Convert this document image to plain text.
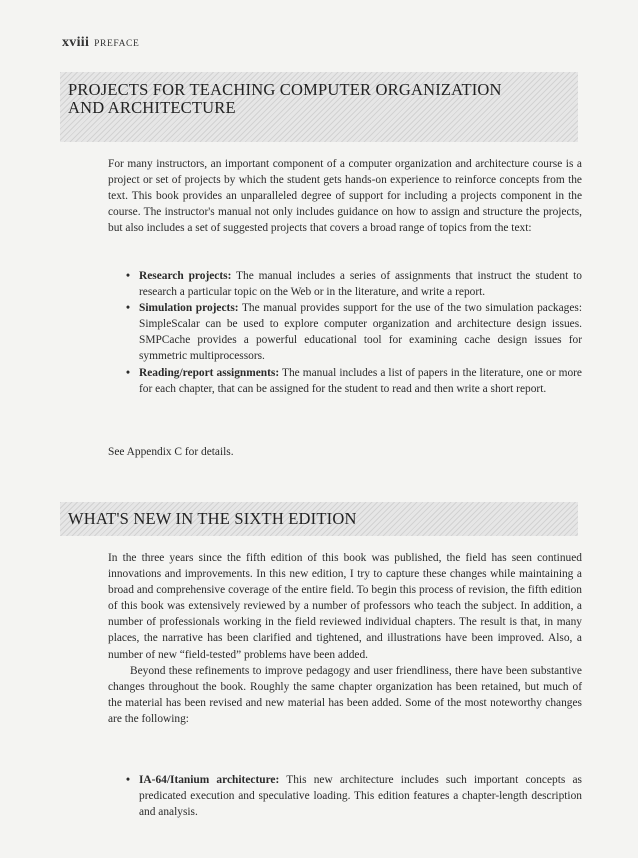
xviii PREFACE
PROJECTS FOR TEACHING COMPUTER ORGANIZATION
AND ARCHITECTURE
For many instructors, an important component of a computer organization and architecture course is a project or set of projects by which the student gets hands-on experience to reinforce concepts from the text. This book provides an unparalleled degree of support for including a projects component in the course. The instructor's manual not only includes guidance on how to assign and structure the projects, but also includes a set of suggested projects that covers a broad range of topics from the text:
• Research projects: The manual includes a series of assignments that instruct the student to research a particular topic on the Web or in the literature, and write a report.
• Simulation projects: The manual provides support for the use of the two simulation packages: SimpleScalar can be used to explore computer organization and architecture design issues. SMPCache provides a powerful educational tool for examining cache design issues for symmetric multiprocessors.
• Reading/report assignments: The manual includes a list of papers in the literature, one or more for each chapter, that can be assigned for the student to read and then write a short report.
See Appendix C for details.
WHAT'S NEW IN THE SIXTH EDITION

In the three years since the fifth edition of this book was published, the field has seen continued innovations and improvements. In this new edition, I try to capture these changes while maintaining a broad and comprehensive coverage of the entire field. To begin this process of revision, the fifth edition of this book was extensively reviewed by a number of professors who teach the subject. In addition, a number of professionals working in the field reviewed individual chapters. The result is that, in many places, the narrative has been clarified and tightened, and illustrations have been improved. Also, a number of new “field-tested” problems have been added.

Beyond these refinements to improve pedagogy and user friendliness, there have been substantive changes throughout the book. Roughly the same chapter organization has been retained, but much of the material has been revised and new material has been added. Some of the most noteworthy changes are the following:

• IA-64/Itanium architecture: This new architecture includes such important concepts as predicated execution and speculative loading. This edition features a chapter-length description and analysis.
